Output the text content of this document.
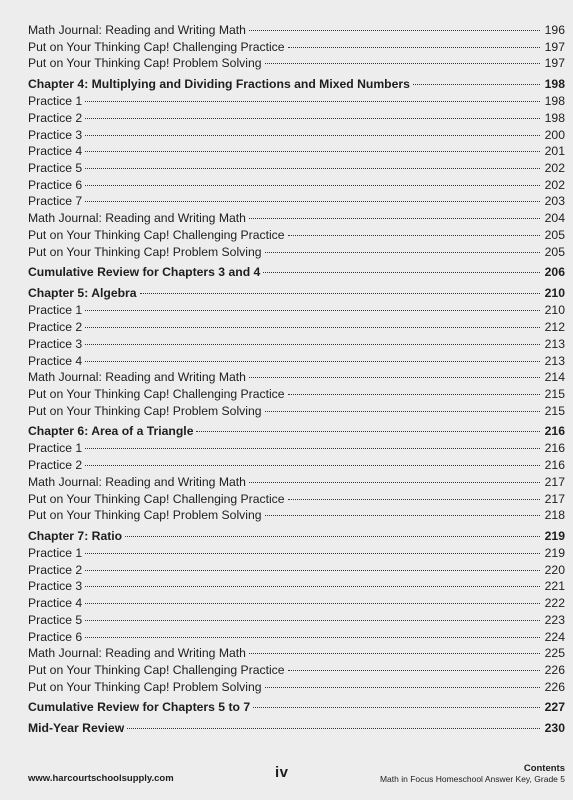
Math Journal: Reading and Writing Math	196
Put on Your Thinking Cap! Challenging Practice	197
Put on Your Thinking Cap! Problem Solving	197
Chapter 4: Multiplying and Dividing Fractions and Mixed Numbers	198
Practice 1	198
Practice 2	198
Practice 3	200
Practice 4	201
Practice 5	202
Practice 6	202
Practice 7	203
Math Journal: Reading and Writing Math	204
Put on Your Thinking Cap! Challenging Practice	205
Put on Your Thinking Cap! Problem Solving	205
Cumulative Review for Chapters 3 and 4	206
Chapter 5: Algebra	210
Practice 1	210
Practice 2	212
Practice 3	213
Practice 4	213
Math Journal: Reading and Writing Math	214
Put on Your Thinking Cap! Challenging Practice	215
Put on Your Thinking Cap! Problem Solving	215
Chapter 6: Area of a Triangle	216
Practice 1	216
Practice 2	216
Math Journal: Reading and Writing Math	217
Put on Your Thinking Cap! Challenging Practice	217
Put on Your Thinking Cap! Problem Solving	218
Chapter 7: Ratio	219
Practice 1	219
Practice 2	220
Practice 3	221
Practice 4	222
Practice 5	223
Practice 6	224
Math Journal: Reading and Writing Math	225
Put on Your Thinking Cap! Challenging Practice	226
Put on Your Thinking Cap! Problem Solving	226
Cumulative Review for Chapters 5 to 7	227
Mid-Year Review	230
www.harcourtschoolsupply.com	iv	Contents
Math in Focus Homeschool Answer Key, Grade 5
